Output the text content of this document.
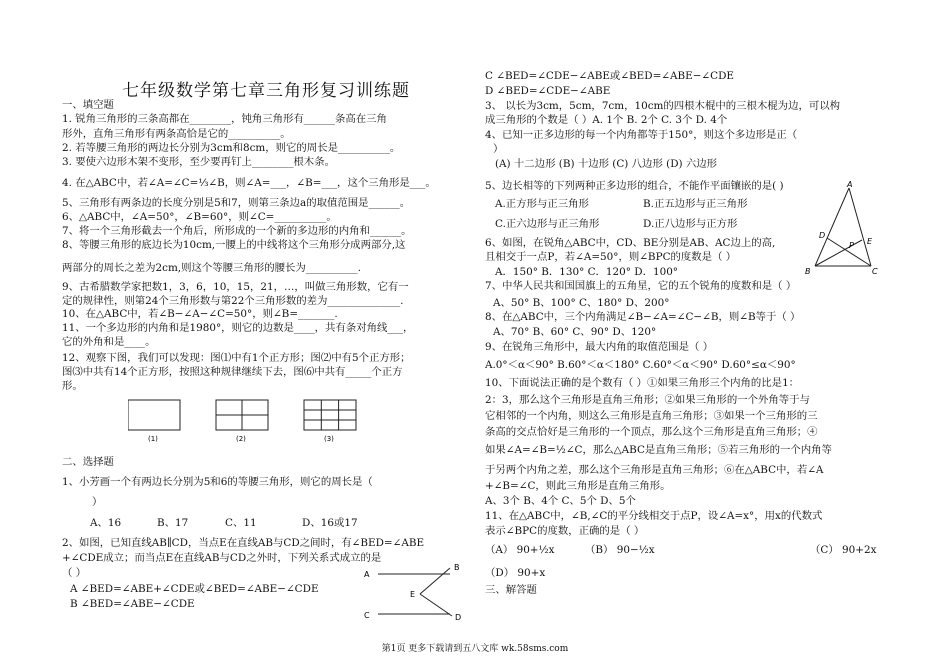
七年级数学第七章三角形复习训练题
一、填空题
1. 锐角三角形的三条高都在________，钝角三角形有______条高在三角
形外，直角三角形有两条高恰是它的__________。
2. 若等腰三角形的两边长分别为3cm和8cm，则它的周长是__________。
3. 要使六边形木架不变形，至少要再钉上________根木条。
4. 在△ABC中，若∠A=∠C=⅓∠B，则∠A=___，∠B=___，这个三角形是___。
5、三角形有两条边的长度分别是5和7，则第三条边a的取值范围是______。
6、△ABC中，∠A=50°，∠B=60°，则∠C=__________。
7、将一个三角形截去一个角后，所形成的一个新的多边形的内角和______。
8、等腰三角形的底边长为10cm,一腰上的中线将这个三角形分成两部分,这
两部分的周长之差为2cm,则这个等腰三角形的腰长为__________.
9、古希腊数学家把数1，3，6，10，15，21，…，叫做三角形数，它有一
定的规律性，则第24个三角形数与第22个三角形数的差为______________.
10、在△ABC中，若∠B−∠A−∠C=50°，则∠B=_______.
11、一个多边形的内角和是1980°，则它的边数是____，共有条对角线___，
它的外角和是____。
12、观察下图，我们可以发现：图⑴中有1个正方形；图⑵中有5个正方形；
图⑶中共有14个正方形，按照这种规律继续下去，图⑹中共有_____个正方
形。
(1)	(2)	(3)
二、选择题
1、小芳画一个有两边长分别为5和6的等腰三角形，则它的周长是（
）
A、16	B、17	C、11	D、16或17
2、如图，已知直线AB∥CD，当点E在直线AB与CD之间时，有∠BED=∠ABE
+∠CDE成立；而当点E在直线AB与CD之外时，下列关系式成立的是
（ ）
A ∠BED=∠ABE+∠CDE或∠BED=∠ABE−∠CDE
B ∠BED=∠ABE−∠CDE
A
B
E
C	D
C ∠BED=∠CDE−∠ABE或∠BED=∠ABE−∠CDE
D ∠BED=∠CDE−∠ABE
3、 以长为3cm，5cm，7cm，10cm的四根木棍中的三根木棍为边，可以构
成三角形的个数是（ ）A. 1个 B. 2个 C. 3个 D. 4个
4、已知一正多边形的每一个内角都等于150°，则这个多边形是正（
）
(A) 十二边形 (B) 十边形 (C) 八边形 (D) 六边形
5、边长相等的下列两种正多边形的组合，不能作平面镶嵌的是( )
A.正方形与正三角形	B.正五边形与正三角形
C.正六边形与正三角形	D.正八边形与正方形
6、如图，在锐角△ABC中，CD、BE分别是AB、AC边上的高,
且相交于一点P，若∠A=50°，则∠BPC的度数是（ ）
A．150° B．130° C．120° D．100°
A
D
P E
B	C
7、中华人民共和国国旗上的五角星，它的五个锐角的度数和是（ ）
A、50° B、100° C、180° D、200°
8、在△ABC中，三个内角满足∠B−∠A=∠C−∠B，则∠B等于（ ）
A、70° B、60° C、90° D、120°
9、在锐角三角形中，最大内角的取值范围是（ ）
A.0°＜α＜90° B.60°＜α＜180° C.60°＜α＜90° D.60°≤α＜90°
10、下面说法正确的是个数有（ ）①如果三角形三个内角的比是1：
2：3，那么这个三角形是直角三角形；②如果三角形的一个外角等于与
它相邻的一个内角，则这么三角形是直角三角形；③如果一个三角形的三
条高的交点恰好是三角形的一个顶点，那么这个三角形是直角三角形；④
如果∠A=∠B=½∠C，那么△ABC是直角三角形；⑤若三角形的一个内角等
于另两个内角之差，那么这个三角形是直角三角形；⑥在△ABC中，若∠A
+∠B=∠C，则此三角形是直角三角形。
A、3个 B、4个 C、5个 D、5个
11、在△ABC中，∠B,∠C的平分线相交于点P，设∠A=x°，用x的代数式
表示∠BPC的度数，正确的是（ ）
（A） 90+½x	（B） 90−½x	（C） 90+2x
（D） 90+x
三、解答题
第1页 更多下载请到五八文库 wk.58sms.com
